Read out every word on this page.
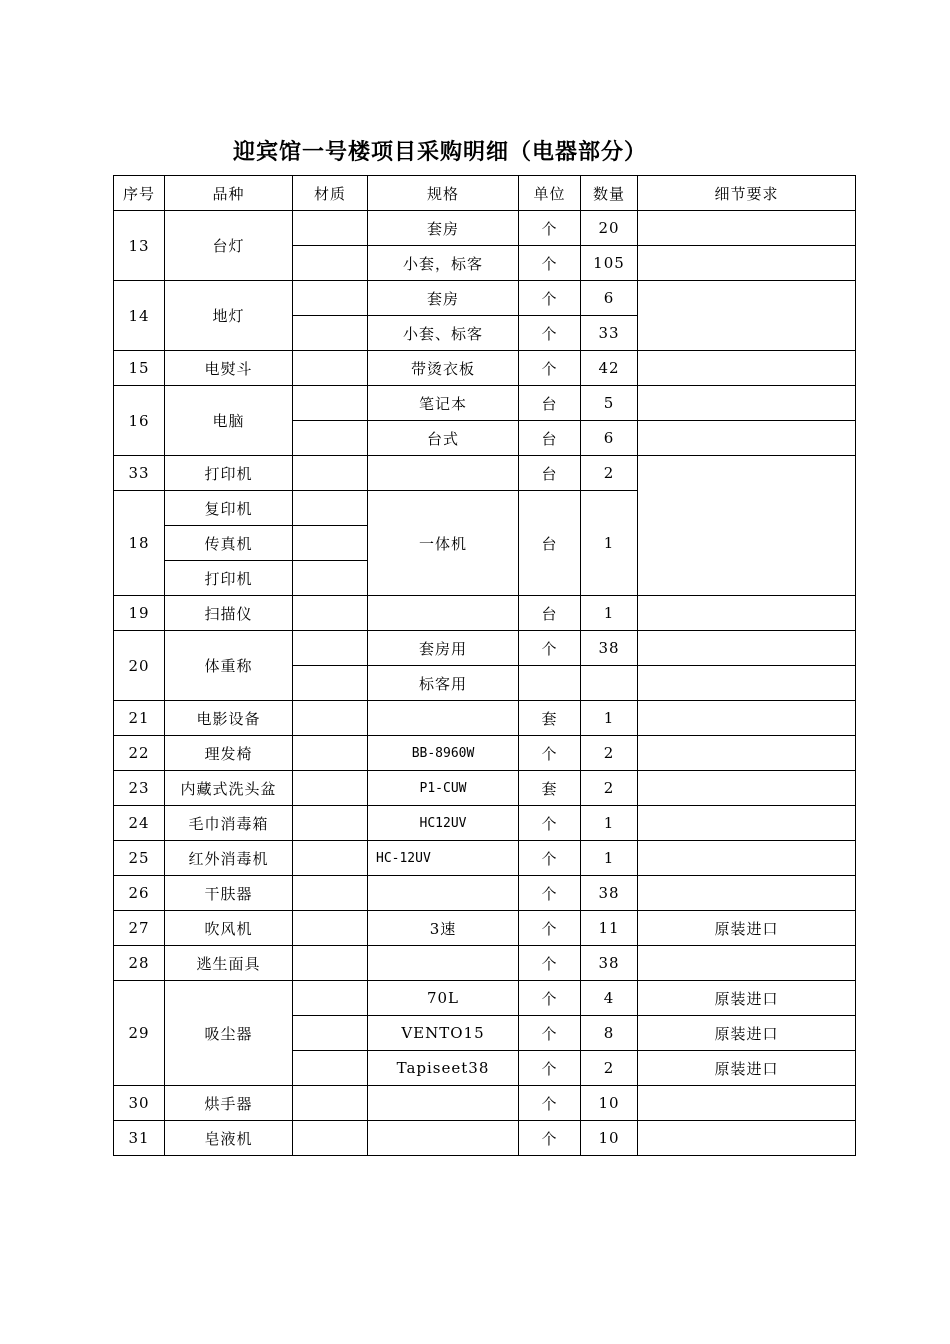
迎宾馆一号楼项目采购明细（电器部分）
序号	品种	材质	规格	单位	数量	细节要求
13	台灯		套房	个	20	
			小套，标客	个	105	
14	地灯		套房	个	6	
			小套、标客	个	33	
15	电熨斗		带烫衣板	个	42	
16	电脑		笔记本	台	5	
			台式	台	6	
33	打印机			台	2	
18	复印机		一体机	台	1	
	传真机					
	打印机					
19	扫描仪			台	1	
20	体重称		套房用	个	38	
			标客用			
21	电影设备			套	1	
22	理发椅		BB-8960W	个	2	
23	内藏式洗头盆		P1-CUW	套	2	
24	毛巾消毒箱		HC12UV	个	1	
25	红外消毒机		HC-12UV	个	1	
26	干肤器			个	38	
27	吹风机		3速	个	11	原装进口
28	逃生面具			个	38	
29	吸尘器		70L	个	4	原装进口
			VENTO15	个	8	原装进口
			Tapiseet38	个	2	原装进口
30	烘手器			个	10	
31	皂液机			个	10	
